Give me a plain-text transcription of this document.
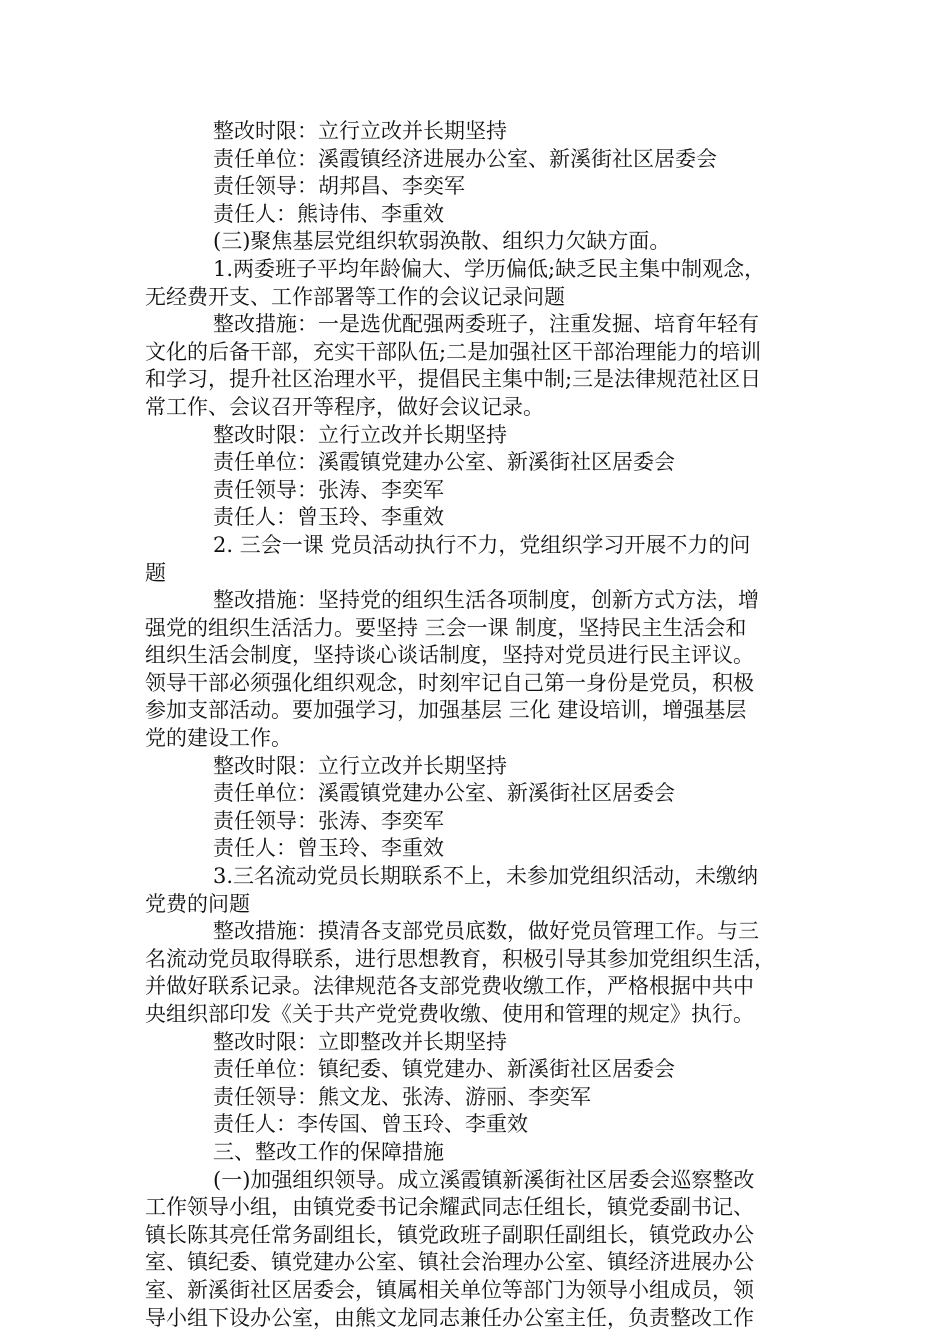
整改时限：立行立改并长期坚持
责任单位：溪霞镇经济进展办公室、新溪街社区居委会
责任领导：胡邦昌、李奕军
责任人：熊诗伟、李重效
(三)聚焦基层党组织软弱涣散、组织力欠缺方面。
1.两委班子平均年龄偏大、学历偏低;缺乏民主集中制观念，
无经费开支、工作部署等工作的会议记录问题
整改措施：一是选优配强两委班子，注重发掘、培育年轻有
文化的后备干部，充实干部队伍;二是加强社区干部治理能力的培训
和学习，提升社区治理水平，提倡民主集中制;三是法律规范社区日
常工作、会议召开等程序，做好会议记录。
整改时限：立行立改并长期坚持
责任单位：溪霞镇党建办公室、新溪街社区居委会
责任领导：张涛、李奕军
责任人：曾玉玲、李重效
2. 三会一课 党员活动执行不力，党组织学习开展不力的问
题
整改措施：坚持党的组织生活各项制度，创新方式方法，增
强党的组织生活活力。要坚持 三会一课 制度，坚持民主生活会和
组织生活会制度，坚持谈心谈话制度，坚持对党员进行民主评议。
领导干部必须强化组织观念，时刻牢记自己第一身份是党员，积极
参加支部活动。要加强学习，加强基层 三化 建设培训，增强基层
党的建设工作。
整改时限：立行立改并长期坚持
责任单位：溪霞镇党建办公室、新溪街社区居委会
责任领导：张涛、李奕军
责任人：曾玉玲、李重效
3.三名流动党员长期联系不上，未参加党组织活动，未缴纳
党费的问题
整改措施：摸清各支部党员底数，做好党员管理工作。与三
名流动党员取得联系，进行思想教育，积极引导其参加党组织生活，
并做好联系记录。法律规范各支部党费收缴工作，严格根据中共中
央组织部印发《关于共产党党费收缴、使用和管理的规定》执行。
整改时限：立即整改并长期坚持
责任单位：镇纪委、镇党建办、新溪街社区居委会
责任领导：熊文龙、张涛、游丽、李奕军
责任人：李传国、曾玉玲、李重效
三、整改工作的保障措施
(一)加强组织领导。成立溪霞镇新溪街社区居委会巡察整改
工作领导小组，由镇党委书记余耀武同志任组长，镇党委副书记、
镇长陈其亮任常务副组长，镇党政班子副职任副组长，镇党政办公
室、镇纪委、镇党建办公室、镇社会治理办公室、镇经济进展办公
室、新溪街社区居委会，镇属相关单位等部门为领导小组成员，领
导小组下设办公室，由熊文龙同志兼任办公室主任，负责整改工作
